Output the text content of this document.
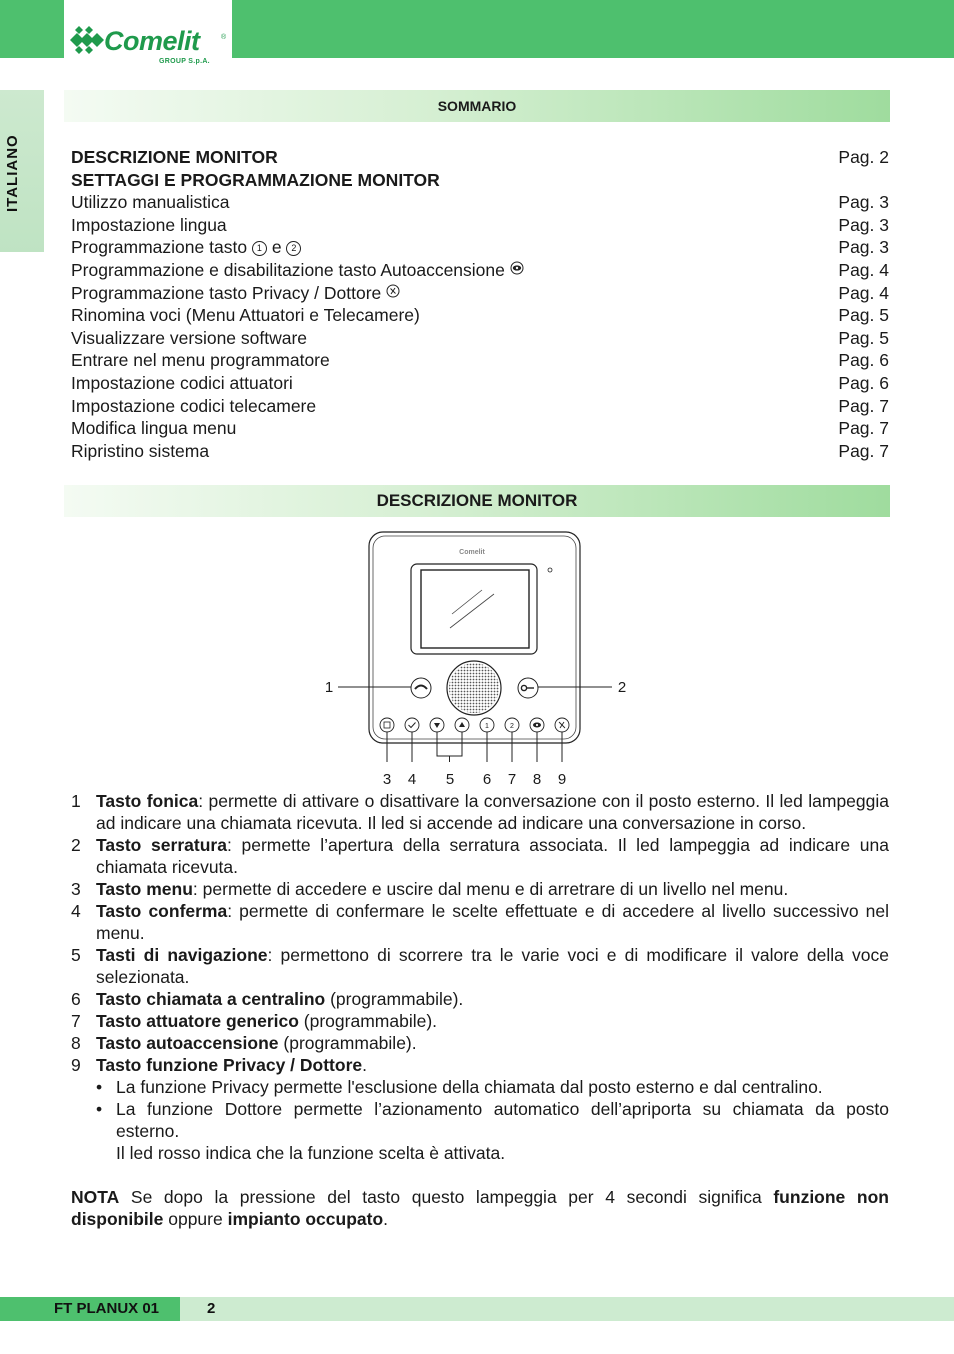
Comelit	®
GROUP S.p.A.
ITALIANO
SOMMARIO
DESCRIZIONE MONITOR	Pag. 2
SETTAGGI E PROGRAMMAZIONE MONITOR
Utilizzo manualistica	Pag. 3
Impostazione lingua	Pag. 3
Programmazione tasto 1 e 2	Pag. 3
Programmazione e disabilitazione tasto Autoaccensione	Pag. 4
Programmazione tasto Privacy / Dottore	Pag. 4
Rinomina voci (Menu Attuatori e Telecamere)	Pag. 5
Visualizzare versione software	Pag. 5
Entrare nel menu programmatore	Pag. 6
Impostazione codici attuatori	Pag. 6
Impostazione codici telecamere	Pag. 7
Modifica lingua menu	Pag. 7
Ripristino sistema	Pag. 7
DESCRIZIONE MONITOR
Comelit
1	2
1	2
3 4 5 6 7 8 9
1 Tasto fonica: permette di attivare o disattivare la conversazione con il posto esterno. Il led lampeggia ad indicare una chiamata ricevuta. Il led si accende ad indicare una conversazione in corso.
2 Tasto serratura: permette l’apertura della serratura associata. Il led lampeggia ad indicare una chiamata ricevuta.
3 Tasto menu: permette di accedere e uscire dal menu e di arretrare di un livello nel menu.
4 Tasto conferma: permette di confermare le scelte effettuate e di accedere al livello successivo nel menu.
5 Tasti di navigazione: permettono di scorrere tra le varie voci e di modificare il valore della voce selezionata.
6 Tasto chiamata a centralino (programmabile).
7 Tasto attuatore generico (programmabile).
8 Tasto autoaccensione (programmabile).
9 Tasto funzione Privacy / Dottore.
• La funzione Privacy permette l'esclusione della chiamata dal posto esterno e dal centralino.
• La funzione Dottore permette l’azionamento automatico dell’apriporta su chiamata da posto esterno.
Il led rosso indica che la funzione scelta è attivata.
NOTA Se dopo la pressione del tasto questo lampeggia per 4 secondi significa funzione non disponibile oppure impianto occupato.
FT PLANUX 01	2
